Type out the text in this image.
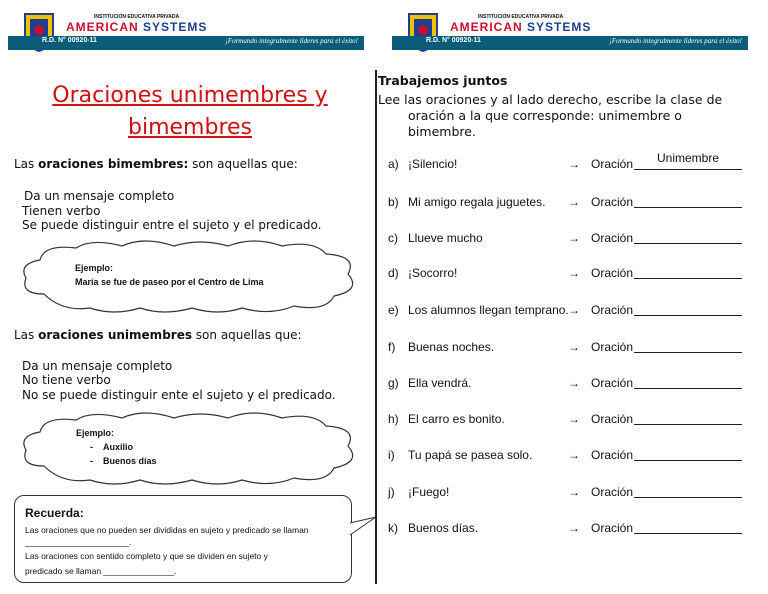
INSTITUCION EDUCATIVA PRIVADA
AMERICAN SYSTEMS
R.D. N° 00920-11	¡Formando integralmente líderes para el éxito!
INSTITUCION EDUCATIVA PRIVADA
AMERICAN SYSTEMS
R.D. N° 00920-11	¡Formando integralmente líderes para el éxito!
Oraciones unimembres y
bimembres
Las oraciones bimembres: son aquellas que:
Da un mensaje completo
Tienen verbo
Se puede distinguir entre el sujeto y el predicado.
Ejemplo:
María se fue de paseo por el Centro de Lima
Las oraciones unimembres son aquellas que:
Da un mensaje completo
No tiene verbo
No se puede distinguir ente el sujeto y el predicado.
Ejemplo:
-    Auxilio
-    Buenos días
Recuerda:
Las oraciones que no pueden ser divididas en sujeto y predicado se llaman
______________________.
Las oraciones con sentido completo y que se dividen en sujeto y
predicado se llaman _______________.
Trabajemos juntos
Lee las oraciones y al lado derecho, escribe la clase de
oración a la que corresponde: unimembre o
bimembre.
a) ¡Silencio!	→ Oración	Unimembre
b) Mi amigo regala juguetes. → Oración
c) Llueve mucho	→ Oración
d) ¡Socorro!	→ Oración
e) Los alumnos llegan temprano. → Oración
f) Buenas noches.	→ Oración
g) Ella vendrá.	→ Oración
h) El carro es bonito.	→ Oración
i) Tu papá se pasea solo.	→ Oración
j) ¡Fuego!	→ Oración
k) Buenos días.	→ Oración
